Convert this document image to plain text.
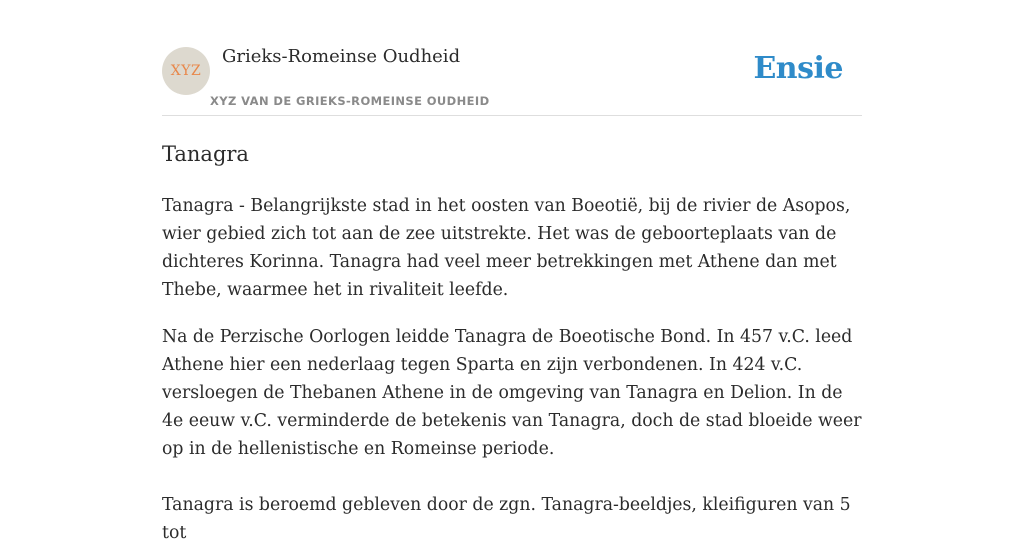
XYZ
Grieks-Romeinse Oudheid
XYZ VAN DE GRIEKS-ROMEINSE OUDHEID
Ensie
Tanagra

Tanagra - Belangrijkste stad in het oosten van Boeotië, bij de rivier de Asopos, wier gebied zich tot aan de zee uitstrekte. Het was de geboorteplaats van de dichteres Korinna. Tanagra had veel meer betrekkingen met Athene dan met Thebe, waarmee het in rivaliteit leefde.

Na de Perzische Oorlogen leidde Tanagra de Boeotische Bond. In 457 v.C. leed Athene hier een nederlaag tegen Sparta en zijn verbondenen. In 424 v.C. versloegen de Thebanen Athene in de omgeving van Tanagra en Delion. In de 4e eeuw v.C. verminderde de betekenis van Tanagra, doch de stad bloeide weer op in de hellenistische en Romeinse periode.

Tanagra is beroemd gebleven door de zgn. Tanagra-beeldjes, kleifiguren van 5 tot
